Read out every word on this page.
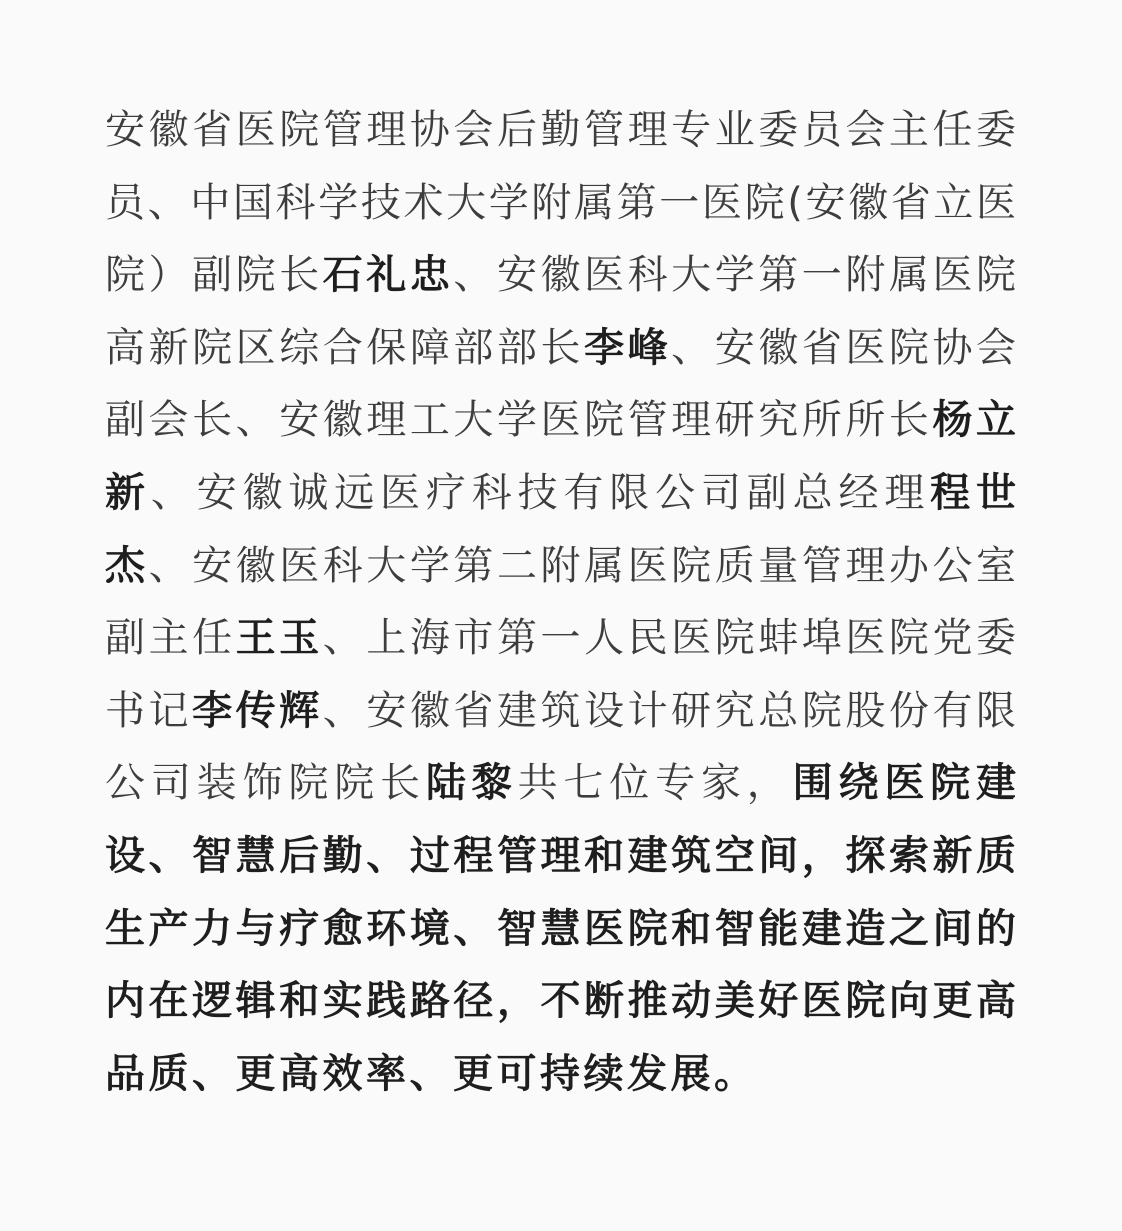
安徽省医院管理协会后勤管理专业委员会主任委
员、中国科学技术大学附属第一医院(安徽省立医
院）副院长石礼忠、安徽医科大学第一附属医院
高新院区综合保障部部长李峰、安徽省医院协会
副会长、安徽理工大学医院管理研究所所长杨立
新、安徽诚远医疗科技有限公司副总经理程世
杰、安徽医科大学第二附属医院质量管理办公室
副主任王玉、上海市第一人民医院蚌埠医院党委
书记李传辉、安徽省建筑设计研究总院股份有限
公司装饰院院长陆黎共七位专家，围绕医院建
设、智慧后勤、过程管理和建筑空间，探索新质
生产力与疗愈环境、智慧医院和智能建造之间的
内在逻辑和实践路径，不断推动美好医院向更高
品质、更高效率、更可持续发展。
